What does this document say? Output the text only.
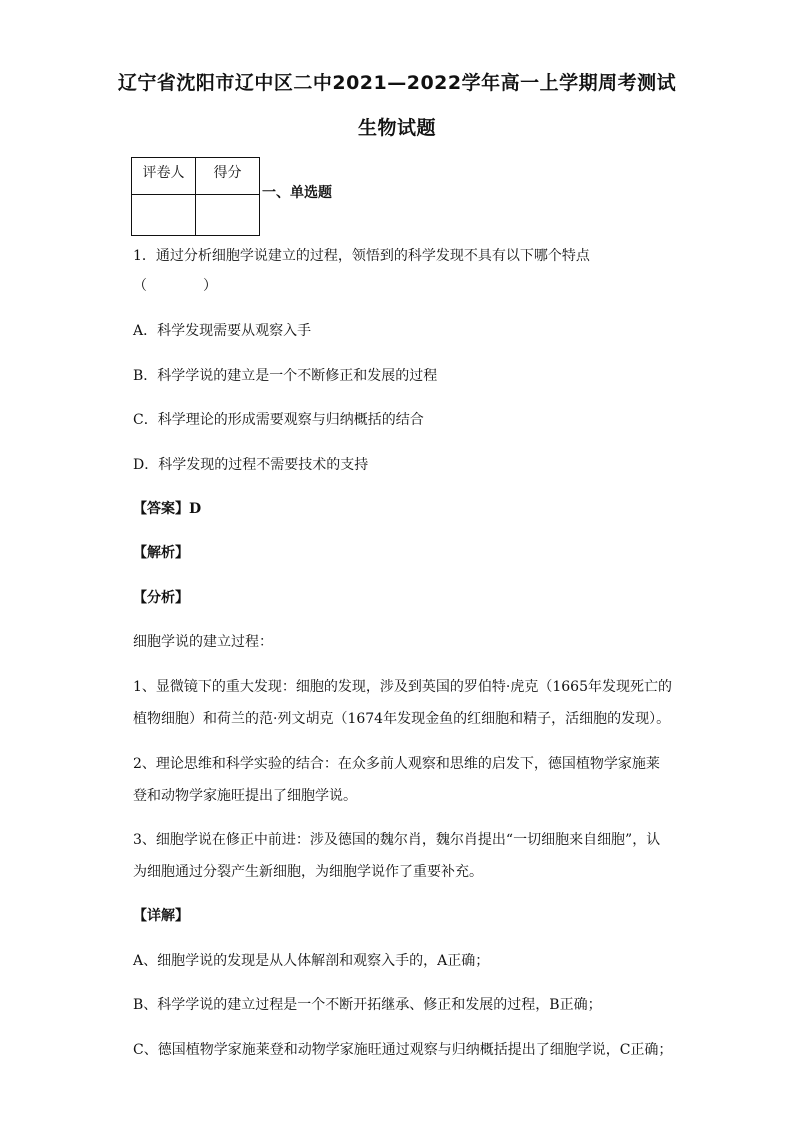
辽宁省沈阳市辽中区二中2021—2022学年高一上学期周考测试
生物试题
评卷人	得分

一、单选题
1．通过分析细胞学说建立的过程，领悟到的科学发现不具有以下哪个特点
（　　　　）
A．科学发现需要从观察入手
B．科学学说的建立是一个不断修正和发展的过程
C．科学理论的形成需要观察与归纳概括的结合
D．科学发现的过程不需要技术的支持
【答案】D
【解析】
【分析】
细胞学说的建立过程：
1、显微镜下的重大发现：细胞的发现，涉及到英国的罗伯特·虎克（1665年发现死亡的
植物细胞）和荷兰的范·列文胡克（1674年发现金鱼的红细胞和精子，活细胞的发现）。
2、理论思维和科学实验的结合：在众多前人观察和思维的启发下，德国植物学家施莱
登和动物学家施旺提出了细胞学说。
3、细胞学说在修正中前进：涉及德国的魏尔肖，魏尔肖提出“一切细胞来自细胞”，认
为细胞通过分裂产生新细胞，为细胞学说作了重要补充。
【详解】
A、细胞学说的发现是从人体解剖和观察入手的，A正确；
B、科学学说的建立过程是一个不断开拓继承、修正和发展的过程，B正确；
C、德国植物学家施莱登和动物学家施旺通过观察与归纳概括提出了细胞学说，C正确；
